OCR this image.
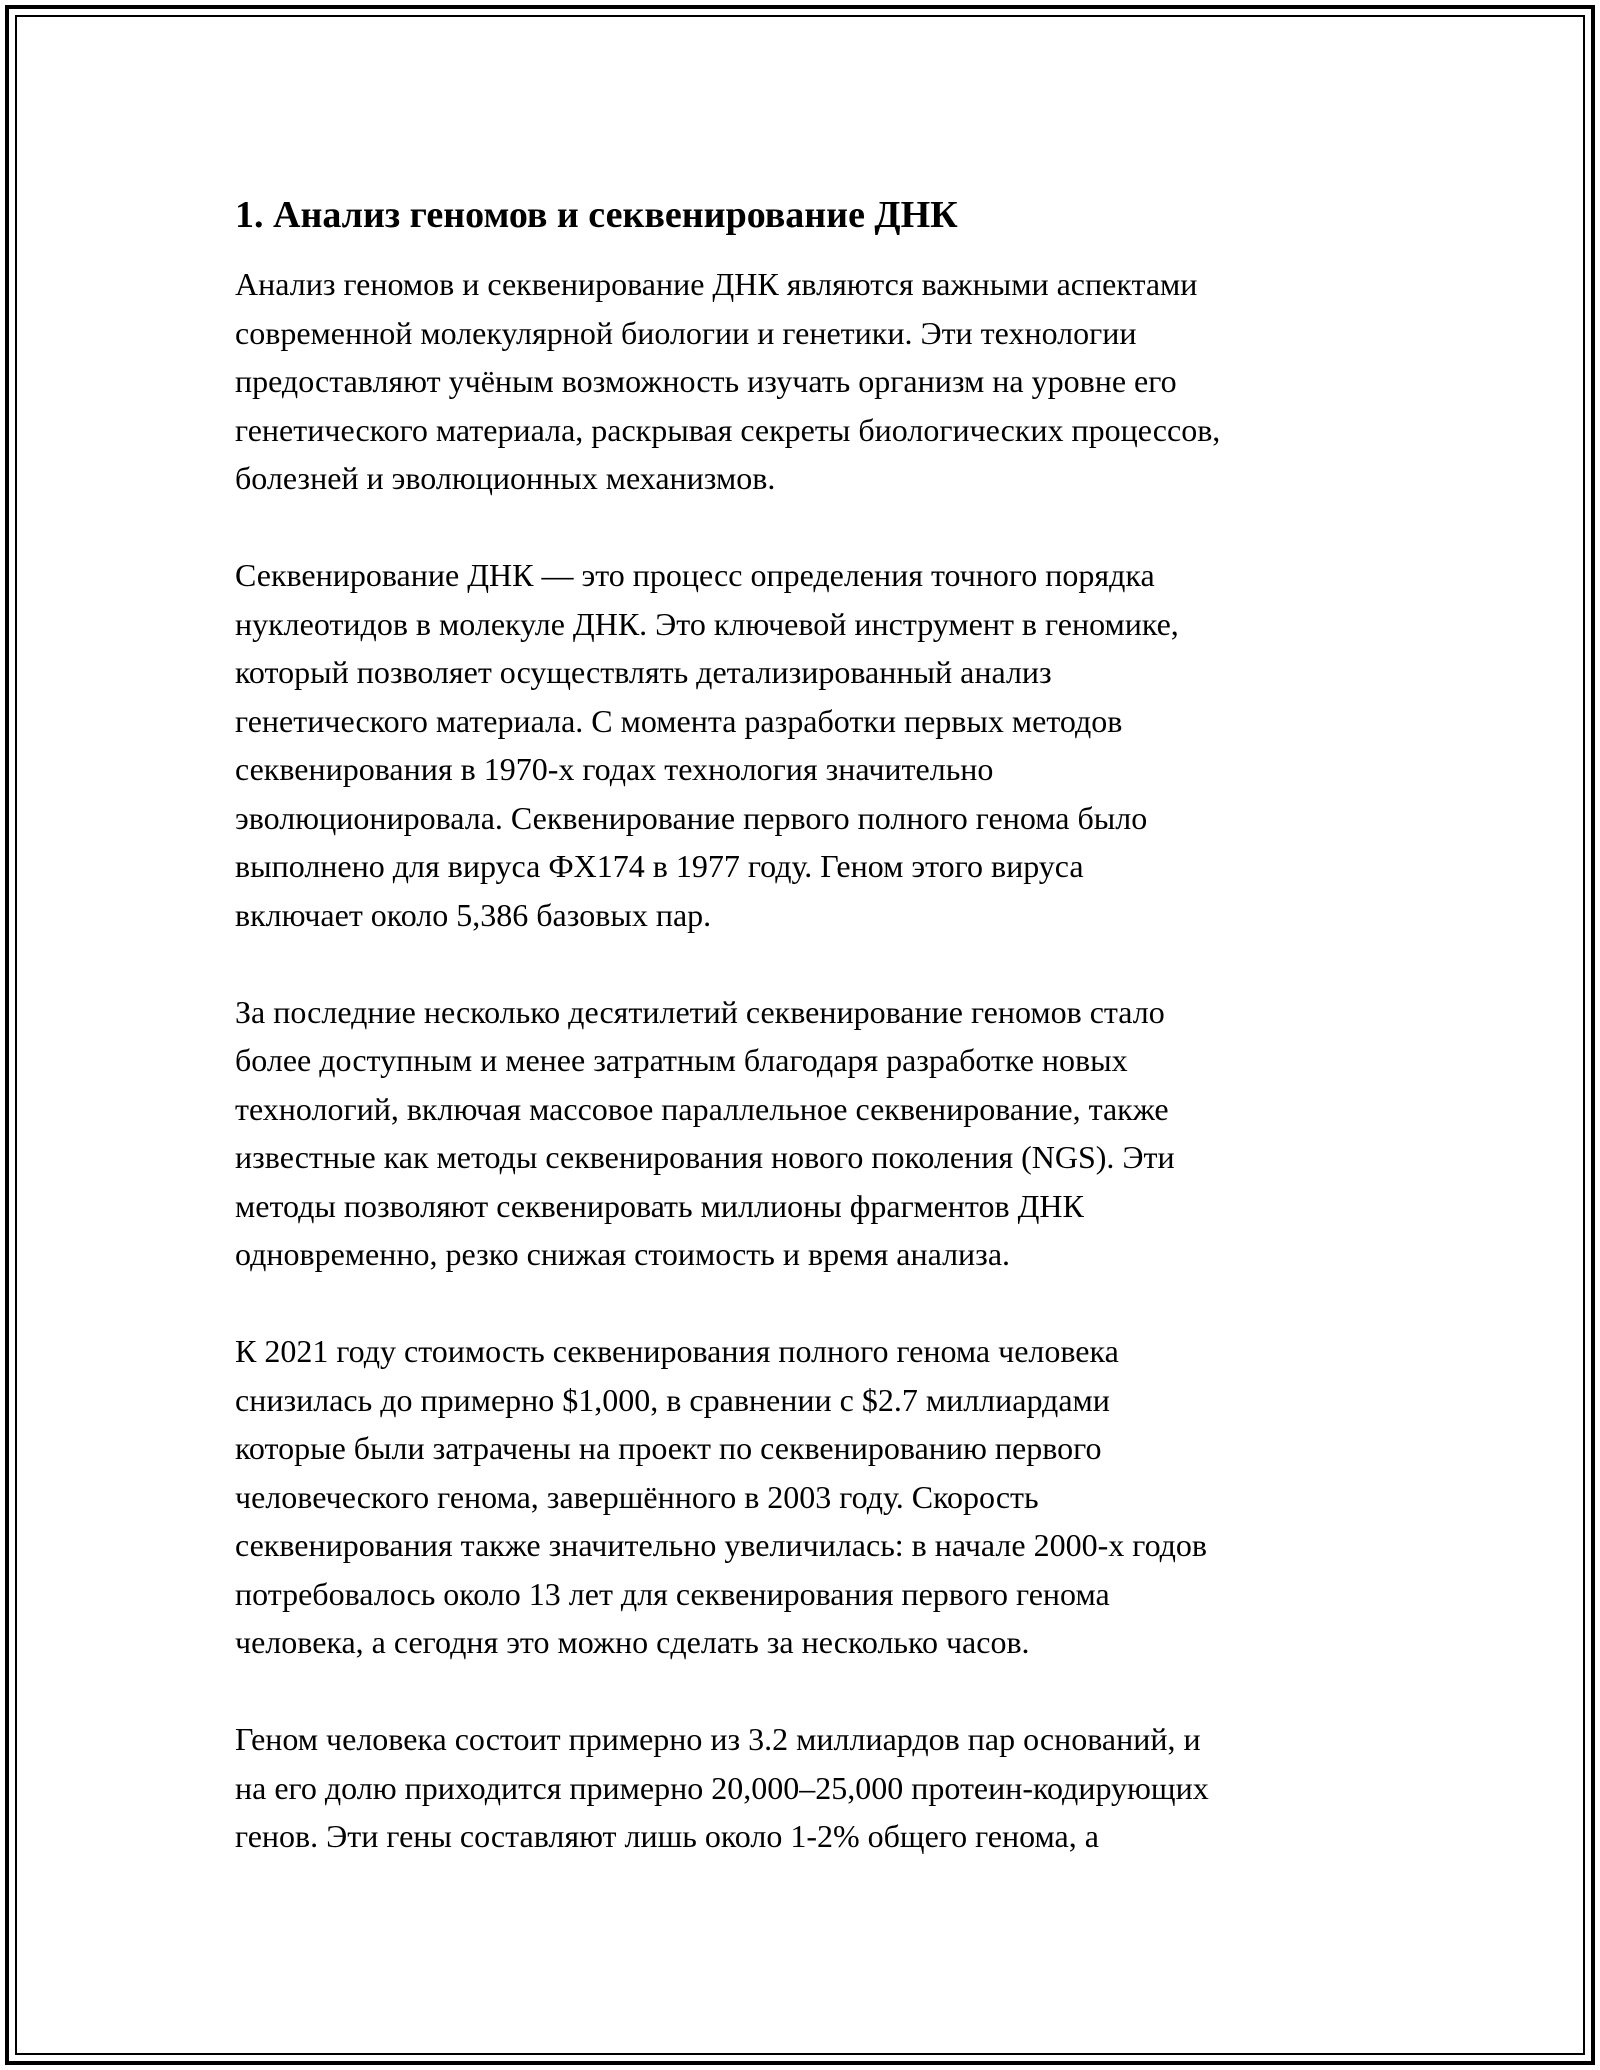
1. Анализ геномов и секвенирование ДНК
Анализ геномов и секвенирование ДНК являются важными аспектами
современной молекулярной биологии и генетики. Эти технологии
предоставляют учёным возможность изучать организм на уровне его
генетического материала, раскрывая секреты биологических процессов,
болезней и эволюционных механизмов.
Секвенирование ДНК — это процесс определения точного порядка
нуклеотидов в молекуле ДНК. Это ключевой инструмент в геномике,
который позволяет осуществлять детализированный анализ
генетического материала. С момента разработки первых методов
секвенирования в 1970-х годах технология значительно
эволюционировала. Секвенирование первого полного генома было
выполнено для вируса ФХ174 в 1977 году. Геном этого вируса
включает около 5,386 базовых пар.
За последние несколько десятилетий секвенирование геномов стало
более доступным и менее затратным благодаря разработке новых
технологий, включая массовое параллельное секвенирование, также
известные как методы секвенирования нового поколения (NGS). Эти
методы позволяют секвенировать миллионы фрагментов ДНК
одновременно, резко снижая стоимость и время анализа.
К 2021 году стоимость секвенирования полного генома человека
снизилась до примерно $1,000, в сравнении с $2.7 миллиардами
которые были затрачены на проект по секвенированию первого
человеческого генома, завершённого в 2003 году. Скорость
секвенирования также значительно увеличилась: в начале 2000-х годов
потребовалось около 13 лет для секвенирования первого генома
человека, а сегодня это можно сделать за несколько часов.
Геном человека состоит примерно из 3.2 миллиардов пар оснований, и
на его долю приходится примерно 20,000–25,000 протеин-кодирующих
генов. Эти гены составляют лишь около 1-2% общего генома, а
